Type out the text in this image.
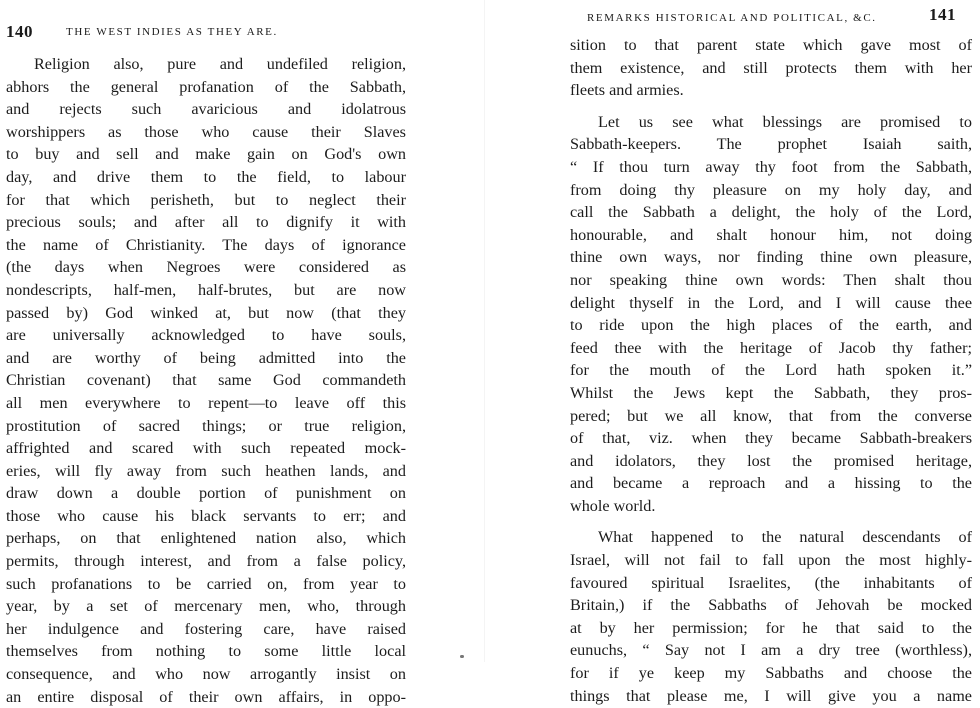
140	THE WEST INDIES AS THEY ARE.
Religion also, pure and undefiled religion,
abhors the general profanation of the Sabbath,
and rejects such avaricious and idolatrous
worshippers as those who cause their Slaves
to buy and sell and make gain on God's own
day, and drive them to the field, to labour
for that which perisheth, but to neglect their
precious souls; and after all to dignify it with
the name of Christianity. The days of ignorance
(the days when Negroes were considered as
nondescripts, half-men, half-brutes, but are now
passed by) God winked at, but now (that they
are universally acknowledged to have souls,
and are worthy of being admitted into the
Christian covenant) that same God commandeth
all men everywhere to repent—to leave off this
prostitution of sacred things; or true religion,
affrighted and scared with such repeated mock-
eries, will fly away from such heathen lands, and
draw down a double portion of punishment on
those who cause his black servants to err; and
perhaps, on that enlightened nation also, which
permits, through interest, and from a false policy,
such profanations to be carried on, from year to
year, by a set of mercenary men, who, through
her indulgence and fostering care, have raised
themselves from nothing to some little local
consequence, and who now arrogantly insist on
an entire disposal of their own affairs, in oppo-
REMARKS HISTORICAL AND POLITICAL, &C.	141
sition to that parent state which gave most of
them existence, and still protects them with her
fleets and armies.
Let us see what blessings are promised to
Sabbath-keepers. The prophet Isaiah saith,
“ If thou turn away thy foot from the Sabbath,
from doing thy pleasure on my holy day, and
call the Sabbath a delight, the holy of the Lord,
honourable, and shalt honour him, not doing
thine own ways, nor finding thine own pleasure,
nor speaking thine own words: Then shalt thou
delight thyself in the Lord, and I will cause thee
to ride upon the high places of the earth, and
feed thee with the heritage of Jacob thy father;
for the mouth of the Lord hath spoken it.”
Whilst the Jews kept the Sabbath, they pros-
pered; but we all know, that from the converse
of that, viz. when they became Sabbath-breakers
and idolators, they lost the promised heritage,
and became a reproach and a hissing to the
whole world.
What happened to the natural descendants of
Israel, will not fail to fall upon the most highly-
favoured spiritual Israelites, (the inhabitants of
Britain,) if the Sabbaths of Jehovah be mocked
at by her permission; for he that said to the
eunuchs, “ Say not I am a dry tree (worthless),
for if ye keep my Sabbaths and choose the
things that please me, I will give you a name
